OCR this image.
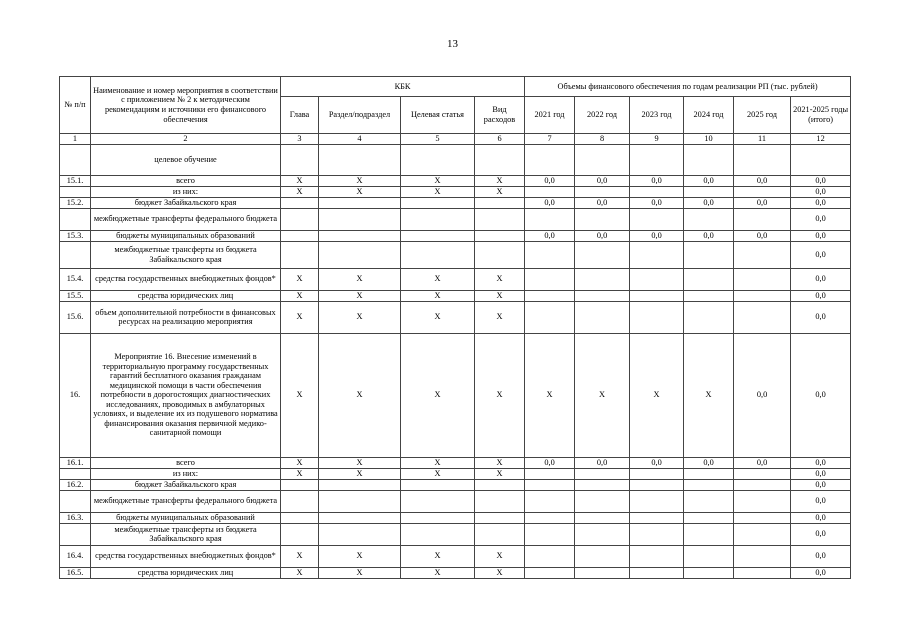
13
№ п/п	Наименование и номер мероприятия в соответствии с приложением № 2 к методическим рекомендациям и источники его финансового обеспечения	КБК				Объемы финансового обеспечения по годам реализации РП (тыс. рублей)					
		Глава	Раздел/подраздел	Целевая статья	Вид расходов	2021 год	2022 год	2023 год	2024 год	2025 год	2021-2025 годы (итого)
1	2	3	4	5	6	7	8	9	10	11	12
	целевое обучение										
15.1.	всего	X	X	X	X	0,0	0,0	0,0	0,0	0,0	0,0
	из них:	X	X	X	X						0,0
15.2.	бюджет Забайкальского края					0,0	0,0	0,0	0,0	0,0	0,0
	межбюджетные трансферты федерального бюджета										0,0
15.3.	бюджеты муниципальных образований					0,0	0,0	0,0	0,0	0,0	0,0
	межбюджетные трансферты из бюджета Забайкальского края										0,0
15.4.	средства государственных внебюджетных фондов*	X	X	X	X						0,0
15.5.	средства юридических лиц	X	X	X	X						0,0
15.6.	объем дополнительной потребности в финансовых ресурсах на реализацию мероприятия	X	X	X	X						0,0
16.	Мероприятие 16. Внесение изменений в территориальную программу государственных гарантий бесплатного оказания гражданам медицинской помощи в части обеспечения потребности в дорогостоящих диагностических исследованиях, проводимых в амбулаторных условиях, и выделение их из подушевого норматива финансирования оказания первичной медико-санитарной помощи	X	X	X	X	X	X	X	X	0,0	0,0
16.1.	всего	X	X	X	X	0,0	0,0	0,0	0,0	0,0	0,0
	из них:	X	X	X	X						0,0
16.2.	бюджет Забайкальского края										0,0
	межбюджетные трансферты федерального бюджета										0,0
16.3.	бюджеты муниципальных образований										0,0
	межбюджетные трансферты из бюджета Забайкальского края										0,0
16.4.	средства государственных внебюджетных фондов*	X	X	X	X						0,0
16.5.	средства юридических лиц	X	X	X	X						0,0
